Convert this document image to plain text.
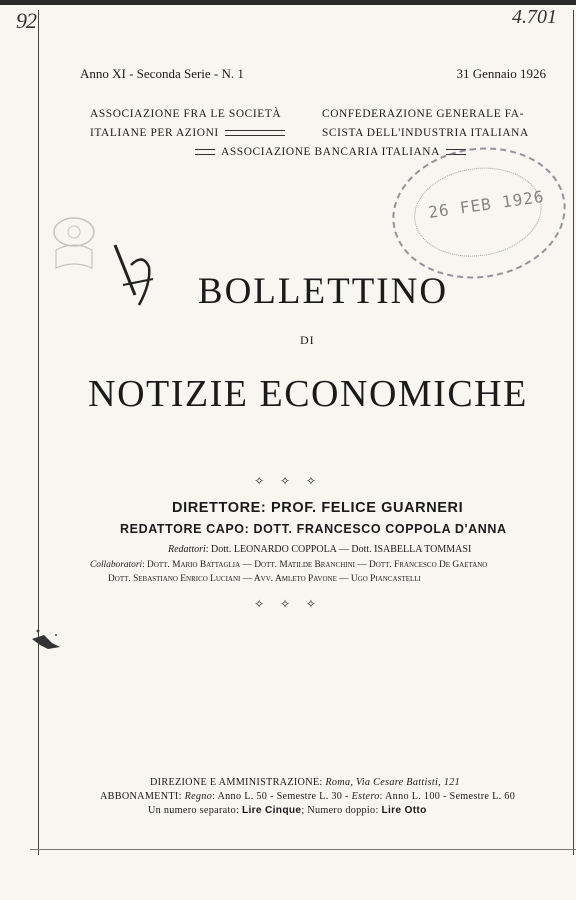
92	4.701
Anno XI - Seconda Serie - N. 1	31 Gennaio 1926
ASSOCIAZIONE FRA LE SOCIETÀ
ITALIANE PER AZIONI
CONFEDERAZIONE GENERALE FA-
SCISTA DELL'INDUSTRIA ITALIANA
ASSOCIAZIONE BANCARIA ITALIANA
26 FEB 1926
BOLLETTINO
DI
NOTIZIE ECONOMICHE
✧ ✧ ✧
DIRETTORE: PROF. FELICE GUARNERI
REDATTORE CAPO: DOTT. FRANCESCO COPPOLA D'ANNA
Redattori: Dott. LEONARDO COPPOLA — Dott. ISABELLA TOMMASI
Collaboratori: Dott. Mario Battaglia — Dott. Matilde Branchini — Dott. Francesco De Gaetano
Dott. Sebastiano Enrico Luciani — Avv. Amleto Pavone — Ugo Piancastelli
✧ ✧ ✧
DIREZIONE E AMMINISTRAZIONE: Roma, Via Cesare Battisti, 121
ABBONAMENTI: Regno: Anno L. 50 - Semestre L. 30 - Estero: Anno L. 100 - Semestre L. 60
Un numero separato: Lire Cinque; Numero doppio: Lire Otto
